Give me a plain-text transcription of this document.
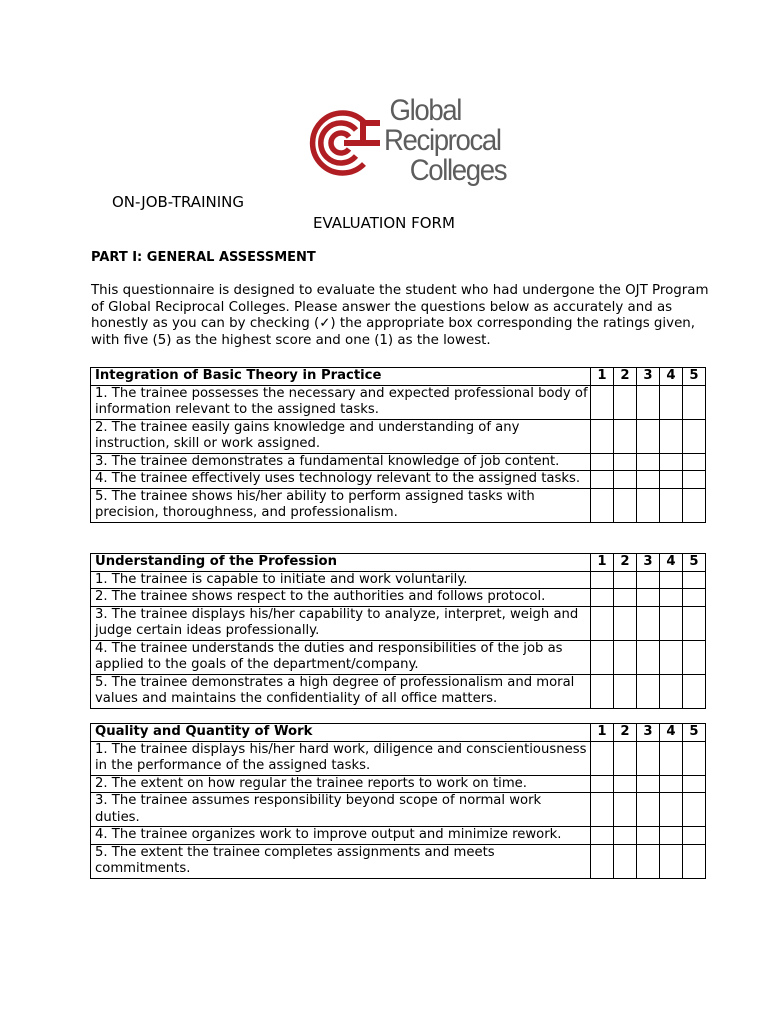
Global
Reciprocal
Colleges
ON-JOB-TRAINING
EVALUATION FORM
PART I: GENERAL ASSESSMENT
This questionnaire is designed to evaluate the student who had undergone the OJT Program of Global Reciprocal Colleges. Please answer the questions below as accurately and as honestly as you can by checking (✓) the appropriate box corresponding the ratings given, with five (5) as the highest score and one (1) as the lowest.
Integration of Basic Theory in Practice	1	2	3	4	5
1. The trainee possesses the necessary and expected professional body of information relevant to the assigned tasks.					
2. The trainee easily gains knowledge and understanding of any instruction, skill or work assigned.					
3. The trainee demonstrates a fundamental knowledge of job content.					
4. The trainee effectively uses technology relevant to the assigned tasks.					
5. The trainee shows his/her ability to perform assigned tasks with precision, thoroughness, and professionalism.					
Understanding of the Profession	1	2	3	4	5
1. The trainee is capable to initiate and work voluntarily.					
2. The trainee shows respect to the authorities and follows protocol.					
3. The trainee displays his/her capability to analyze, interpret, weigh and judge certain ideas professionally.					
4. The trainee understands the duties and responsibilities of the job as applied to the goals of the department/company.					
5. The trainee demonstrates a high degree of professionalism and moral values and maintains the confidentiality of all office matters.					
Quality and Quantity of Work	1	2	3	4	5
1. The trainee displays his/her hard work, diligence and conscientiousness in the performance of the assigned tasks.					
2. The extent on how regular the trainee reports to work on time.					
3. The trainee assumes responsibility beyond scope of normal work duties.					
4. The trainee organizes work to improve output and minimize rework.					
5. The extent the trainee completes assignments and meets commitments.					
